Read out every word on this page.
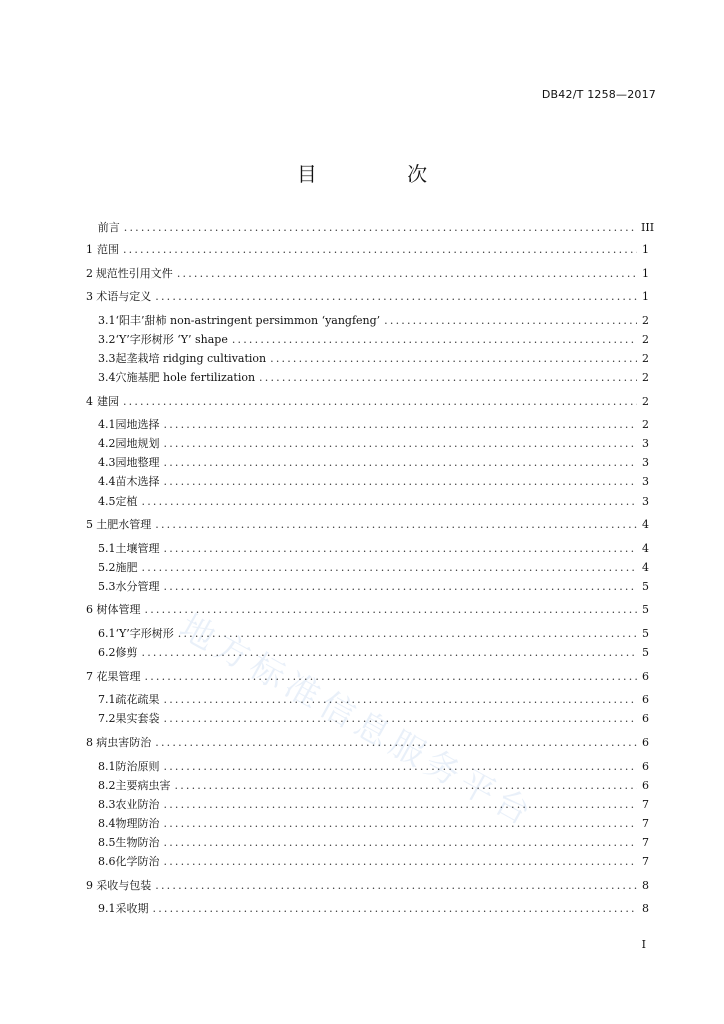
DB42/T 1258—2017
目 次
地方标准信息服务平台
前言 .....	III
1 范围 .....	1
2 规范性引用文件 .....	1
3 术语与定义 .....	1
3.1 ‘阳丰’甜柿 non-astringent persimmon ‘yangfeng’ .....	2
3.2 ‘Y’字形树形 ‘Y’ shape .....	2
3.3 起垄栽培 ridging cultivation .....	2
3.4 穴施基肥 hole fertilization .....	2
4 建园 .....	2
4.1 园地选择 .....	2
4.2 园地规划 .....	3
4.3 园地整理 .....	3
4.4 苗木选择 .....	3
4.5 定植 .....	3
5 土肥水管理 .....	4
5.1 土壤管理 .....	4
5.2 施肥 .....	4
5.3 水分管理 .....	5
6 树体管理 .....	5
6.1 ‘Y’字形树形 .....	5
6.2 修剪 .....	5
7 花果管理 .....	6
7.1 疏花疏果 .....	6
7.2 果实套袋 .....	6
8 病虫害防治 .....	6
8.1 防治原则 .....	6
8.2 主要病虫害 .....	6
8.3 农业防治 .....	7
8.4 物理防治 .....	7
8.5 生物防治 .....	7
8.6 化学防治 .....	7
9 采收与包装 .....	8
9.1 采收期 .....	8
I
